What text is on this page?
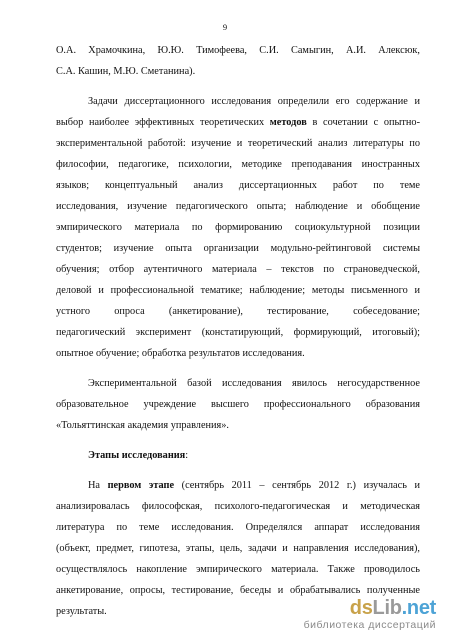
9
О.А. Храмочкина, Ю.Ю. Тимофеева, С.И. Самыгин, А.И. Алексюк,
С.А. Кашин, М.Ю. Сметанина).
Задачи диссертационного исследования определили его содержание и
выбор наиболее эффективных теоретических методов в сочетании с опытно-
экспериментальной работой: изучение и теоретический анализ литературы по
философии, педагогике, психологии, методике преподавания иностранных
языков; концептуальный анализ диссертационных работ по теме
исследования, изучение педагогического опыта; наблюдение и обобщение
эмпирического материала по формированию социокультурной позиции
студентов; изучение опыта организации модульно-рейтинговой системы
обучения; отбор аутентичного материала – текстов по страноведческой,
деловой и профессиональной тематике; наблюдение; методы письменного и
устного опроса (анкетирование), тестирование, собеседование;
педагогический эксперимент (констатирующий, формирующий, итоговый);
опытное обучение; обработка результатов исследования.
Экспериментальной базой исследования явилось негосударственное
образовательное учреждение высшего профессионального образования
«Тольяттинская академия управления».
Этапы исследования:
На первом этапе (сентябрь 2011 – сентябрь 2012 г.) изучалась и
анализировалась философская, психолого-педагогическая и методическая
литература по теме исследования. Определялся аппарат исследования
(объект, предмет, гипотеза, этапы, цель, задачи и направления исследования),
осуществлялось накопление эмпирического материала. Также проводилось
анкетирование, опросы, тестирование, беседы и обрабатывались полученные
результаты.	dsLib.net
библиотека диссертаций
